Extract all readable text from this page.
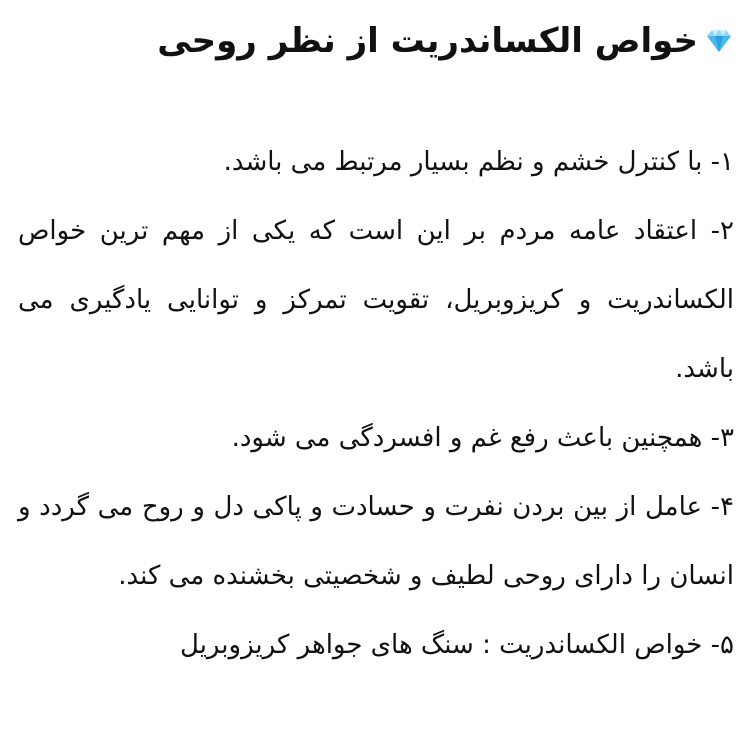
خواص الکساندریت از نظر روحی

۱- با کنترل خشم و نظم بسیار مرتبط می باشد.

۲- اعتقاد عامه مردم بر این است که یکی از مهم ترین خواص الکساندریت و کریزوبریل، تقویت تمرکز و توانایی یادگیری می باشد.

۳- همچنین باعث رفع غم و افسردگی می شود.

۴- عامل از بین بردن نفرت و حسادت و پاکی دل و روح می گردد و انسان را دارای روحی لطیف و شخصیتی بخشنده می کند.

۵- خواص الکساندریت : سنگ های جواهر کریزوبریل
